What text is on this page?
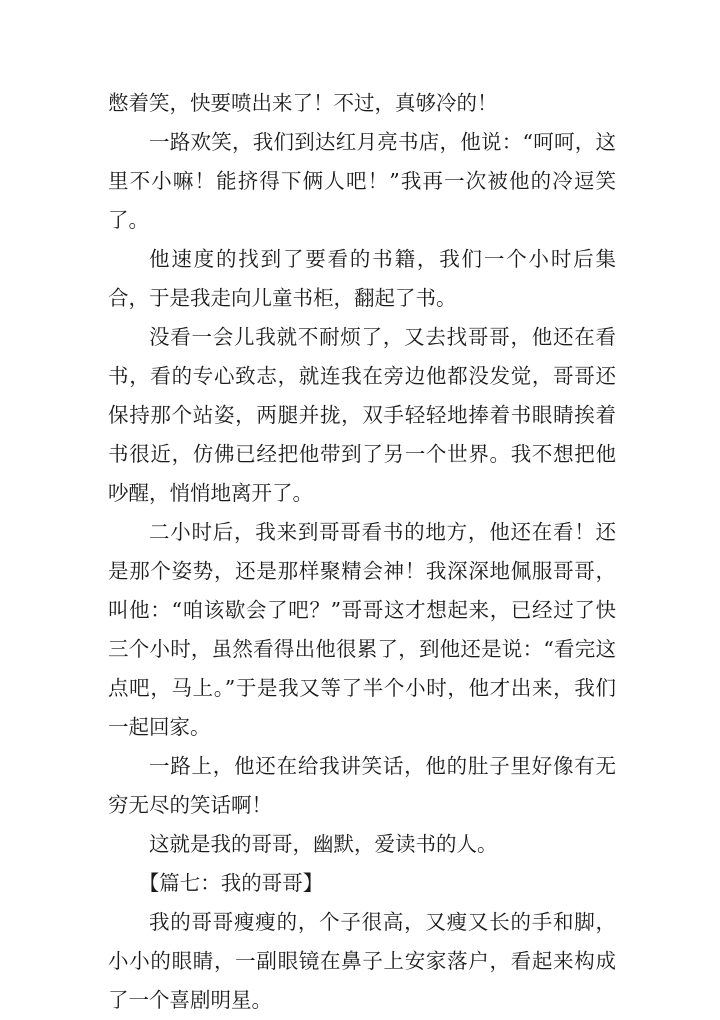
憋着笑，快要喷出来了！不过，真够冷的！

一路欢笑，我们到达红月亮书店，他说：“呵呵，这里不小嘛！能挤得下俩人吧！”我再一次被他的冷逗笑了。

他速度的找到了要看的书籍，我们一个小时后集合，于是我走向儿童书柜，翻起了书。

没看一会儿我就不耐烦了，又去找哥哥，他还在看书，看的专心致志，就连我在旁边他都没发觉，哥哥还保持那个站姿，两腿并拢，双手轻轻地捧着书眼睛挨着书很近，仿佛已经把他带到了另一个世界。我不想把他吵醒，悄悄地离开了。

二小时后，我来到哥哥看书的地方，他还在看！还是那个姿势，还是那样聚精会神！我深深地佩服哥哥，叫他：“咱该歇会了吧？”哥哥这才想起来，已经过了快三个小时，虽然看得出他很累了，到他还是说：“看完这点吧，马上。”于是我又等了半个小时，他才出来，我们一起回家。

一路上，他还在给我讲笑话，他的肚子里好像有无穷无尽的笑话啊！

这就是我的哥哥，幽默，爱读书的人。

【篇七：我的哥哥】

我的哥哥瘦瘦的，个子很高，又瘦又长的手和脚，小小的眼睛，一副眼镜在鼻子上安家落户，看起来构成了一个喜剧明星。
